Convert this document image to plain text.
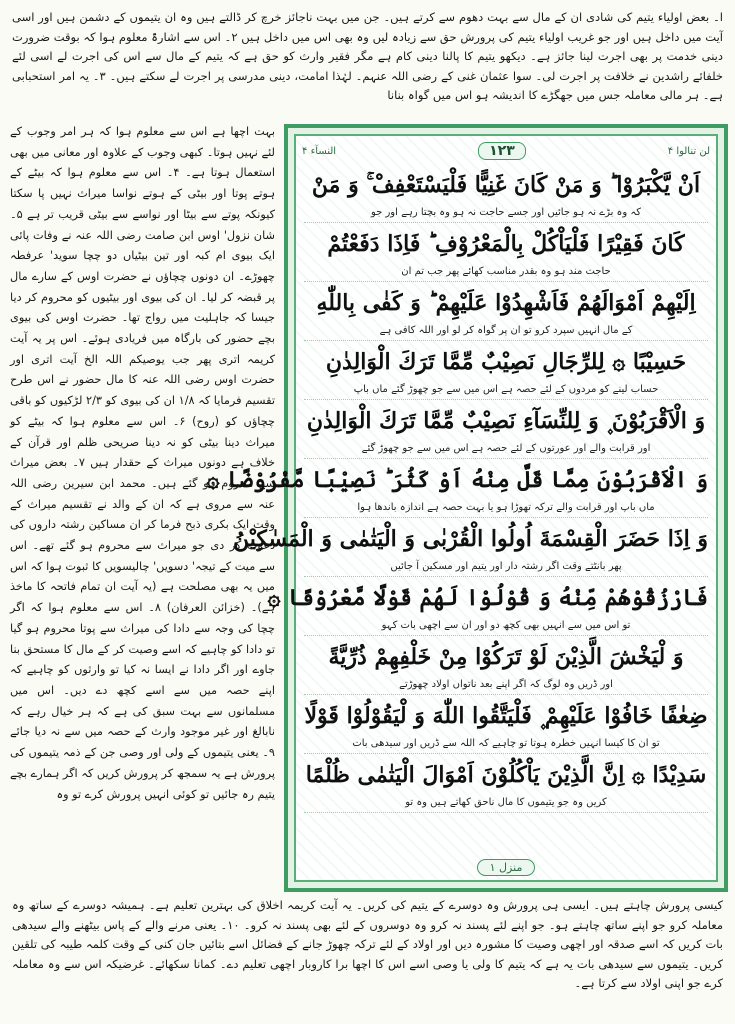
ا۔ بعض اولیاء یتیم کی شادی ان کے مال سے بہت دھوم سے کرتے ہیں۔ جن میں بہت ناجائز خرچ کر ڈالتے ہیں وہ ان یتیموں کے دشمن ہیں اور اسی آیت میں داخل ہیں اور جو غریب اولیاء یتیم کی پرورش حق سے زیادہ لیں وہ بھی اس میں داخل ہیں ۲۔ اس سے اشارۃً معلوم ہوا کہ بوقت ضرورت دینی خدمت پر بھی اجرت لینا جائز ہے۔ دیکھو یتیم کا پالنا دینی کام ہے مگر فقیر وارث کو حق ہے کہ یتیم کے مال سے اس کی اجرت لے اسی لئے خلفائے راشدین نے خلافت پر اجرت لی۔ سوا عثمان غنی کے رضی اللہ عنہم۔ لہٰذا امامت، دینی مدرسی پر اجرت لے سکتے ہیں۔ ۳۔ یہ امر استحبابی ہے۔ ہر مالی معاملہ جس میں جھگڑے کا اندیشہ ہو اس میں گواہ بنانا

بہت اچھا ہے اس سے معلوم ہوا کہ ہر امر وجوب کے لئے نہیں ہوتا۔ کبھی وجوب کے علاوہ اور معانی میں بھی استعمال ہوتا ہے۔ ۴۔ اس سے معلوم ہوا کہ بیٹے کے ہوتے پوتا اور بیٹی کے ہوتے نواسا میراث نہیں پا سکتا کیونکہ پوتے سے بیٹا اور نواسے سے بیٹی قریب تر ہے ۵۔ شان نزول' اوس ابن صامت رضی اللہ عنہ نے وفات پائی ایک بیوی ام کبہ اور تین بیٹیاں دو چچا سوید' عرفطہ چھوڑے۔ ان دونوں چچاؤں نے حضرت اوس کے سارے مال پر قبضہ کر لیا۔ ان کی بیوی اور بیٹیوں کو محروم کر دیا جیسا کہ جاہلیت میں رواج تھا۔ حضرت اوس کی بیوی بچے حضور کی بارگاہ میں فریادی ہوئے۔ اس پر یہ آیت کریمہ اتری پھر جب یوصیکم اللہ الخ آیت اتری اور حضرت اوس رضی اللہ عنہ کا مال حضور نے اس طرح تقسیم فرمایا کہ ۱/۸ ان کی بیوی کو ۲/۳ لڑکیوں کو باقی چچاؤں کو (روح) ۶۔ اس سے معلوم ہوا کہ بیٹے کو میراث دینا بیٹی کو نہ دینا صریحی ظلم اور قرآن کے خلاف ہے دونوں میراث کے حقدار ہیں ۷۔ بعض میراث سے محروم ہو گئے ہیں۔ محمد ابن سیرین رضی اللہ عنہ سے مروی ہے کہ ان کے والد نے تقسیم میراث کے وقت ایک بکری ذبح فرما کر ان مساکین رشتہ داروں کی دعوت کر دی جو میراث سے محروم ہو گئے تھے۔ اس سے میت کے تیجہ' دسویں' چالیسویں کا ثبوت ہوا کہ اس میں یہ بھی مصلحت ہے (یہ آیت ان تمام فاتحہ کا ماخذ ہے)۔ (خزائن العرفان) ۸۔ اس سے معلوم ہوا کہ اگر چچا کی وجہ سے دادا کی میراث سے پوتا محروم ہو گیا تو دادا کو چاہیے کہ اسے وصیت کر کے مال کا مستحق بنا جاوے اور اگر دادا نے ایسا نہ کیا تو وارثوں کو چاہیے کہ اپنے حصہ میں سے اسے کچھ دے دیں۔ اس میں مسلمانوں سے بہت سبق کی ہے کہ ہر خیال رہے کہ نابالغ اور غیر موجود وارث کے حصہ میں سے نہ دیا جائے ۹۔ یعنی یتیموں کے ولی اور وصی جن کے ذمہ یتیموں کی پرورش ہے یہ سمجھ کر پرورش کریں کہ اگر ہمارے بچے یتیم رہ جائیں تو کوئی انہیں پرورش کرے تو وہ

لن تنالوا ۴
۱۲۳
النسآء ۴
اَنْ یَّكْبَرُوْا ؕ وَ مَنْ كَانَ غَنِیًّا فَلْیَسْتَعْفِفْ ۚ وَ مَنْ
کہ وہ بڑے نہ ہو جائیں اور جسے حاجت نہ ہو وہ بچتا رہے اور جو
كَانَ فَقِیْرًا فَلْیَاْكُلْ بِالْمَعْرُوْفِ ؕ فَاِذَا دَفَعْتُمْ
حاجت مند ہو وہ بقدر مناسب کھائے پھر جب تم ان
اِلَیْهِمْ اَمْوَالَهُمْ فَاَشْهِدُوْا عَلَیْهِمْ ؕ وَ كَفٰى بِاللّٰهِ
کے مال انہیں سپرد کرو تو ان پر گواہ کر لو اور اللہ کافی ہے
حَسِیْبًا ۞ لِلرِّجَالِ نَصِیْبٌ مِّمَّا تَرَكَ الْوَالِدٰنِ
حساب لینے کو مردوں کے لئے حصہ ہے اس میں سے جو چھوڑ گئے ماں باپ
وَ الْاَقْرَبُوْنَ ۪ وَ لِلنِّسَآءِ نَصِیْبٌ مِّمَّا تَرَكَ الْوَالِدٰنِ
اور قرابت والے اور عورتوں کے لئے حصہ ہے اس میں سے جو چھوڑ گئے
وَ الْاَقْرَبُوْنَ مِمَّا قَلَّ مِنْهُ اَوْ كَثُرَ ؕ نَصِیْبًا مَّفْرُوْضًا ۞
ماں باپ اور قرابت والے ترکہ تھوڑا ہو یا بہت حصہ ہے اندازہ باندھا ہوا
وَ اِذَا حَضَرَ الْقِسْمَةَ اُولُوا الْقُرْبٰى وَ الْیَتٰمٰى وَ الْمَسٰكِیْنُ
پھر بانٹتے وقت اگر رشتہ دار اور یتیم اور مسکین آ جائیں
فَارْزُقُوْهُمْ مِّنْهُ وَ قُوْلُوْا لَهُمْ قَوْلًا مَّعْرُوْفًا ۞
تو اس میں سے انہیں بھی کچھ دو اور ان سے اچھی بات کہو
وَ لْیَخْشَ الَّذِیْنَ لَوْ تَرَكُوْا مِنْ خَلْفِهِمْ ذُرِّیَّةً
اور ڈریں وہ لوگ کہ اگر اپنے بعد ناتواں اولاد چھوڑتے
ضِعٰفًا خَافُوْا عَلَیْهِمْ ۪ فَلْیَتَّقُوا اللّٰهَ وَ لْیَقُوْلُوْا قَوْلًا
تو ان کا کیسا انہیں خطرہ ہوتا تو چاہیے کہ اللہ سے ڈریں اور سیدھی بات
سَدِیْدًا ۞ اِنَّ الَّذِیْنَ یَاْكُلُوْنَ اَمْوَالَ الْیَتٰمٰى ظُلْمًا
کریں وہ جو یتیموں کا مال ناحق کھاتے ہیں وہ تو
منزل ۱

کیسی پرورش چاہتے ہیں۔ ایسی ہی پرورش وہ دوسرے کے یتیم کی کریں۔ یہ آیت کریمہ اخلاق کی بہترین تعلیم ہے۔ ہمیشہ دوسرے کے ساتھ وہ معاملہ کرو جو اپنے ساتھ چاہتے ہو۔ جو اپنے لئے پسند نہ کرو وہ دوسروں کے لئے بھی پسند نہ کرو۔ ۱۰۔ یعنی مرنے والے کے پاس بیٹھنے والے سیدھی بات کریں کہ اسے صدقہ اور اچھی وصیت کا مشورہ دیں اور اولاد کے لئے ترکہ چھوڑ جانے کے فضائل اسے بتائیں جان کنی کے وقت کلمہ طیبہ کی تلقین کریں۔ یتیموں سے سیدھی بات یہ ہے کہ یتیم کا ولی یا وصی اسے اس کا اچھا برا کاروبار اچھی تعلیم دے۔ کمانا سکھائے۔ غرضیکہ اس سے وہ معاملہ کرے جو اپنی اولاد سے کرتا ہے۔
